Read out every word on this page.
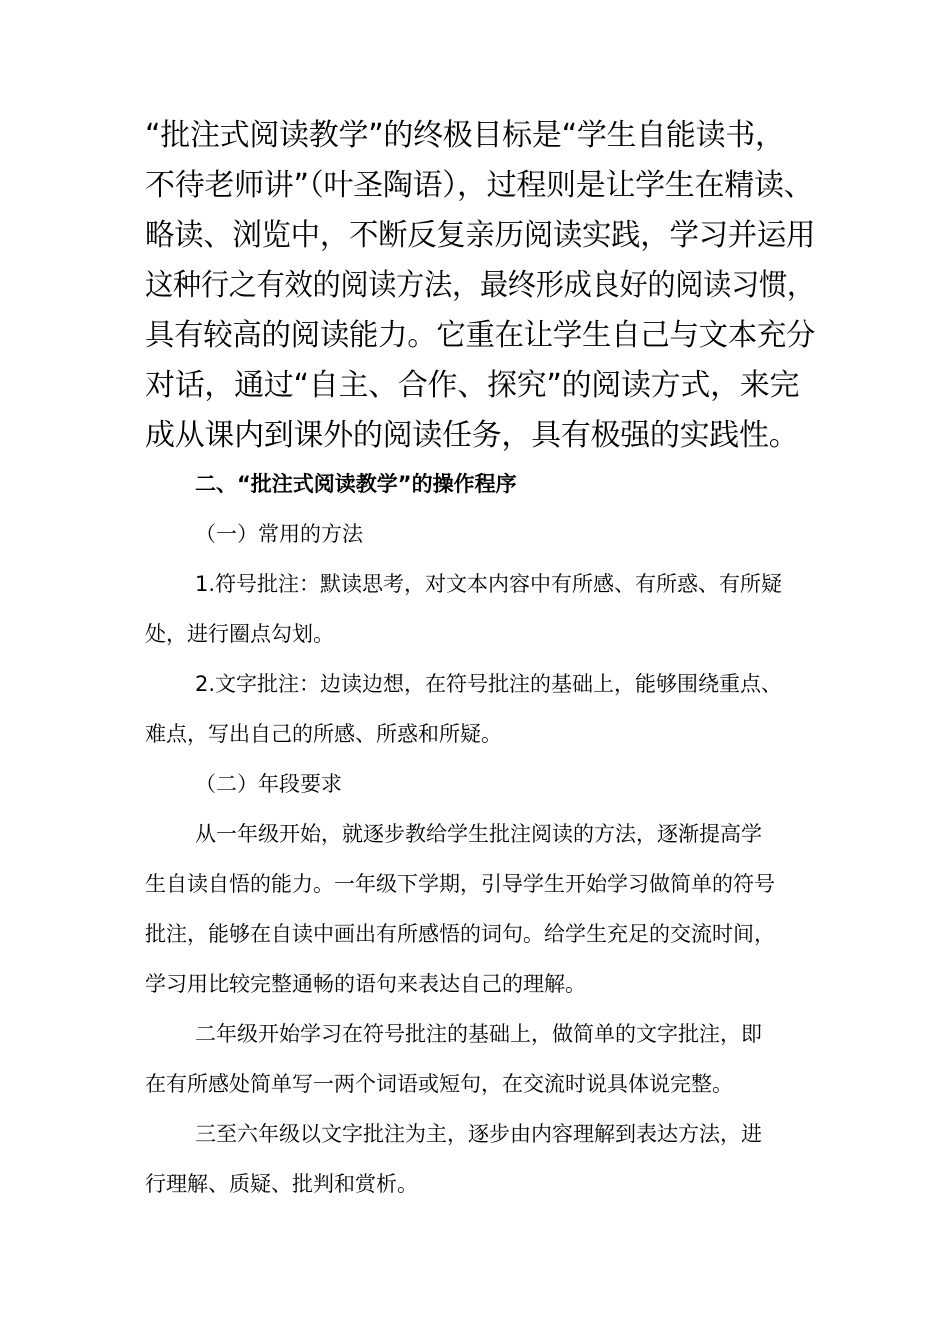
“批注式阅读教学”的终极目标是“学生自能读书，
不待老师讲”（叶圣陶语），过程则是让学生在精读、
略读、浏览中，不断反复亲历阅读实践，学习并运用
这种行之有效的阅读方法，最终形成良好的阅读习惯，
具有较高的阅读能力。它重在让学生自己与文本充分
对话，通过“自主、合作、探究”的阅读方式，来完
成从课内到课外的阅读任务，具有极强的实践性。
二、“批注式阅读教学”的操作程序
（一）常用的方法
1.符号批注：默读思考，对文本内容中有所感、有所惑、有所疑
处，进行圈点勾划。
2.文字批注：边读边想，在符号批注的基础上，能够围绕重点、
难点，写出自己的所感、所惑和所疑。
（二）年段要求
从一年级开始，就逐步教给学生批注阅读的方法，逐渐提高学
生自读自悟的能力。一年级下学期，引导学生开始学习做简单的符号
批注，能够在自读中画出有所感悟的词句。给学生充足的交流时间，
学习用比较完整通畅的语句来表达自己的理解。
二年级开始学习在符号批注的基础上，做简单的文字批注，即
在有所感处简单写一两个词语或短句，在交流时说具体说完整。
三至六年级以文字批注为主，逐步由内容理解到表达方法，进
行理解、质疑、批判和赏析。
